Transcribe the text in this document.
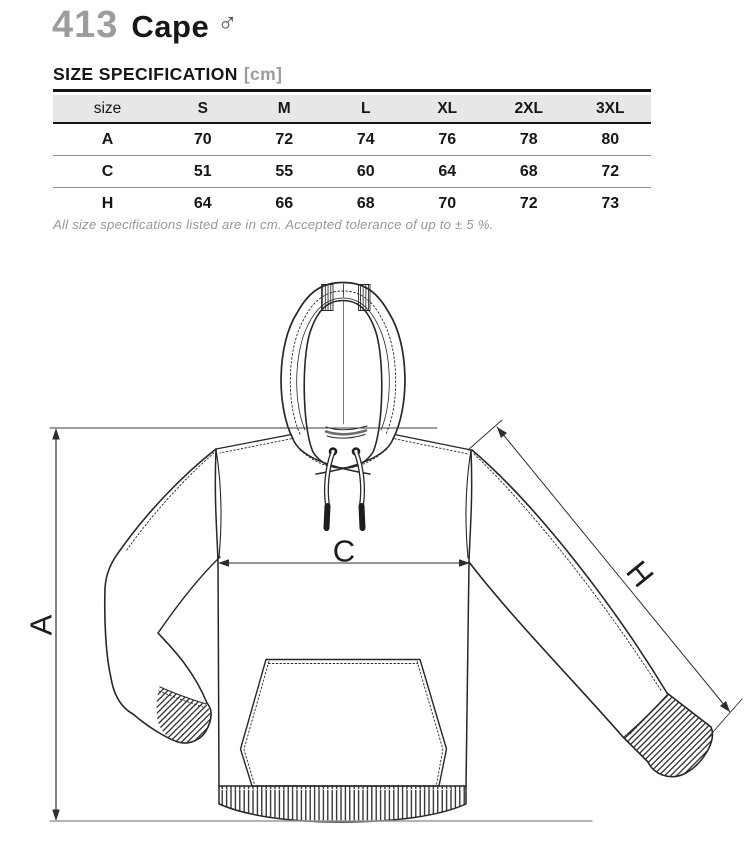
413 Cape ♂
SIZE SPECIFICATION [cm]
size	S	M	L	XL	2XL	3XL
A	70	72	74	76	78	80
C	51	55	60	64	68	72
H	64	66	68	70	72	73
All size specifications listed are in cm. Accepted tolerance of up to ± 5 %.
A
C
H
